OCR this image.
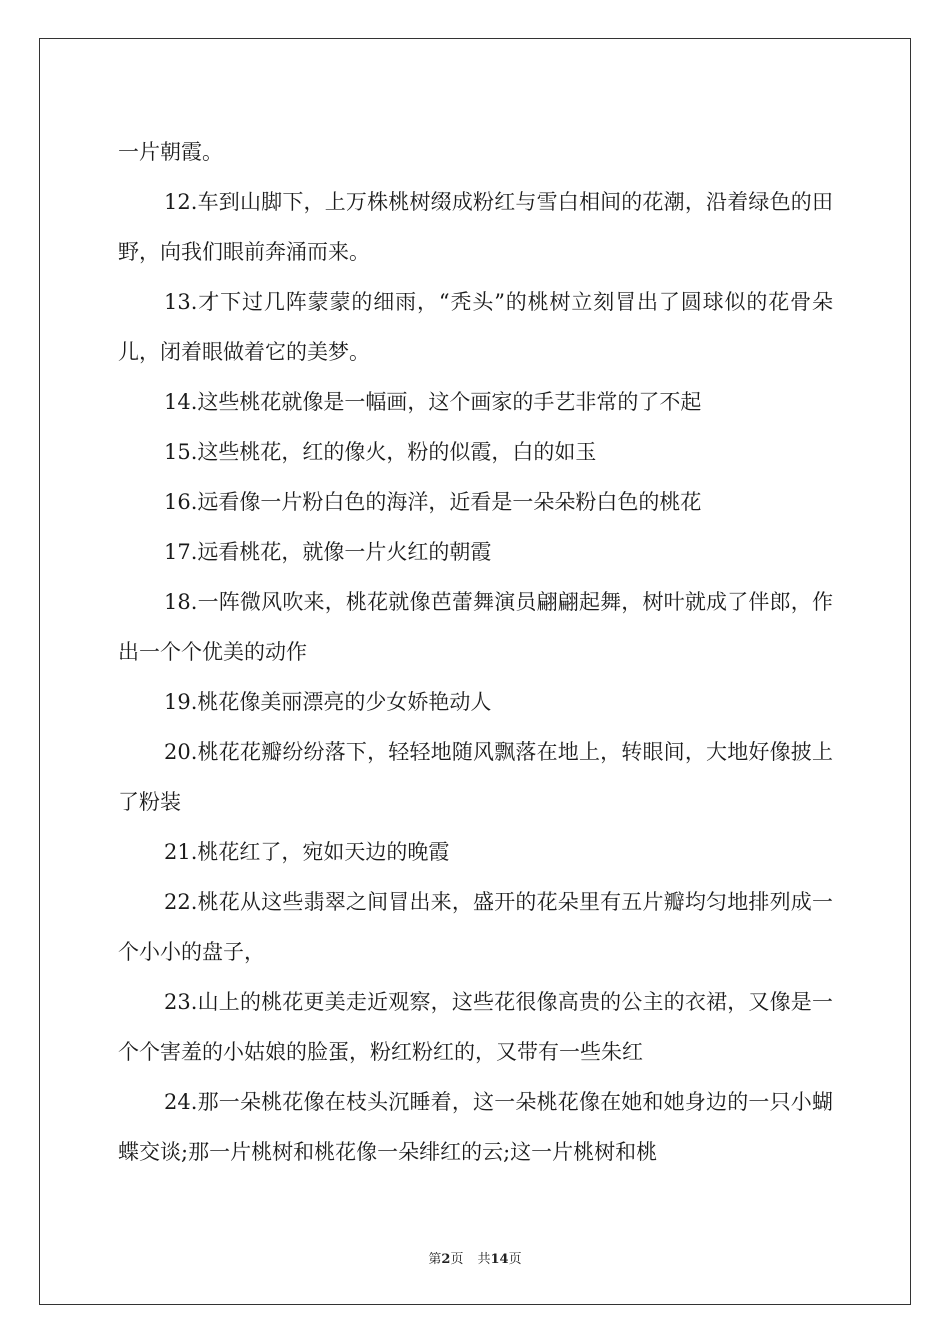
一片朝霞。

12.车到山脚下，上万株桃树缀成粉红与雪白相间的花潮，沿着绿色的田野，向我们眼前奔涌而来。

13.才下过几阵蒙蒙的细雨，“秃头”的桃树立刻冒出了圆球似的花骨朵儿，闭着眼做着它的美梦。

14.这些桃花就像是一幅画，这个画家的手艺非常的了不起

15.这些桃花，红的像火，粉的似霞，白的如玉

16.远看像一片粉白色的海洋，近看是一朵朵粉白色的桃花

17.远看桃花，就像一片火红的朝霞

18.一阵微风吹来，桃花就像芭蕾舞演员翩翩起舞，树叶就成了伴郎，作出一个个优美的动作

19.桃花像美丽漂亮的少女娇艳动人

20.桃花花瓣纷纷落下，轻轻地随风飘落在地上，转眼间，大地好像披上了粉装

21.桃花红了，宛如天边的晚霞

22.桃花从这些翡翠之间冒出来，盛开的花朵里有五片瓣均匀地排列成一个小小的盘子，

23.山上的桃花更美走近观察，这些花很像高贵的公主的衣裙，又像是一个个害羞的小姑娘的脸蛋，粉红粉红的，又带有一些朱红

24.那一朵桃花像在枝头沉睡着，这一朵桃花像在她和她身边的一只小蝴蝶交谈;那一片桃树和桃花像一朵绯红的云;这一片桃树和桃

第2页 共14页
